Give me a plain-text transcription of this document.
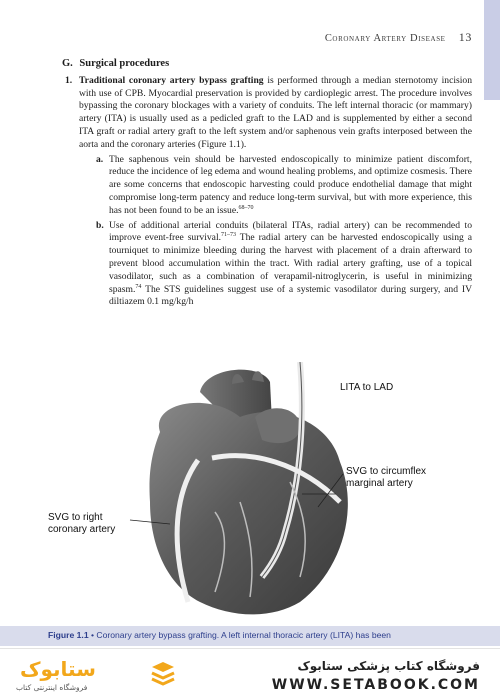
Coronary Artery Disease 13
G. Surgical procedures
1. Traditional coronary artery bypass grafting is performed through a median sternotomy incision with use of CPB. Myocardial preservation is provided by cardioplegic arrest. The procedure involves bypassing the coronary blockages with a variety of conduits. The left internal thoracic (or mammary) artery (ITA) is usually used as a pedicled graft to the LAD and is supplemented by either a second ITA graft or radial artery graft to the left system and/or saphenous vein grafts interposed between the aorta and the coronary arteries (Figure 1.1).
a. The saphenous vein should be harvested endoscopically to minimize patient discomfort, reduce the incidence of leg edema and wound healing problems, and optimize cosmesis. There are some concerns that endoscopic harvesting could produce endothelial damage that might compromise long-term patency and reduce long-term survival, but with more experience, this has not been found to be an issue.$^{68-70}$
b. Use of additional arterial conduits (bilateral ITAs, radial artery) can be recommended to improve event-free survival.$^{71-73}$ The radial artery can be harvested endoscopically using a tourniquet to minimize bleeding during the harvest with placement of a drain afterward to prevent blood accumulation within the tract. With radial artery grafting, use of a topical vasodilator, such as a combination of verapamil-nitroglycerin, is useful in minimizing spasm.$^{74}$ The STS guidelines suggest use of a systemic vasodilator during surgery, and IV diltiazem 0.1 mg/kg/h
LITA to LAD
SVG to circumflex
marginal artery
SVG to right
coronary artery
Figure 1.1 • Coronary artery bypass grafting. A left internal thoracic artery (LITA) has been
ستابوک
فروشگاه اینترنتی کتاب
فروشگاه کتاب پزشکی ستابوک
WWW.SETABOOK.COM
